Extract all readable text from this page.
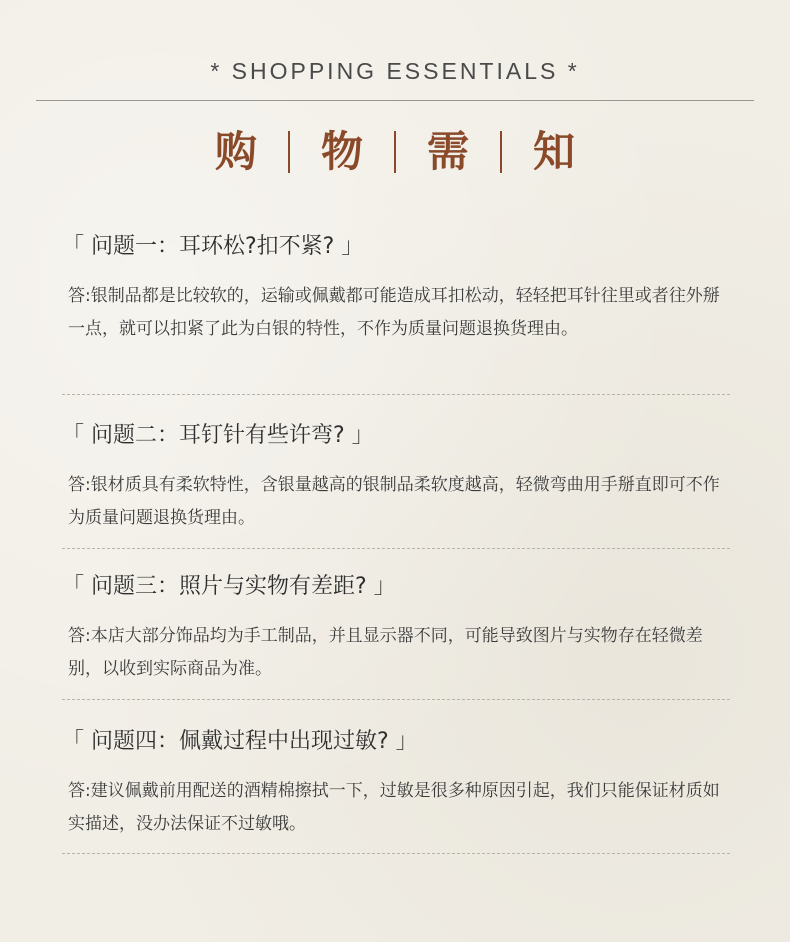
* SHOPPING ESSENTIALS *
购	物	需	知
「 问题一：耳环松?扣不紧? 」
答:银制品都是比较软的，运输或佩戴都可能造成耳扣松动，轻轻把耳针往里或者往外掰一点，就可以扣紧了此为白银的特性，不作为质量问题退换货理由。
「 问题二：耳钉针有些许弯? 」
答:银材质具有柔软特性，含银量越高的银制品柔软度越高，轻微弯曲用手掰直即可不作为质量问题退换货理由。
「 问题三：照片与实物有差距? 」
答:本店大部分饰品均为手工制品，并且显示器不同，可能导致图片与实物存在轻微差别，以收到实际商品为准。
「 问题四：佩戴过程中出现过敏? 」
答:建议佩戴前用配送的酒精棉擦拭一下，过敏是很多种原因引起，我们只能保证材质如实描述，没办法保证不过敏哦。
